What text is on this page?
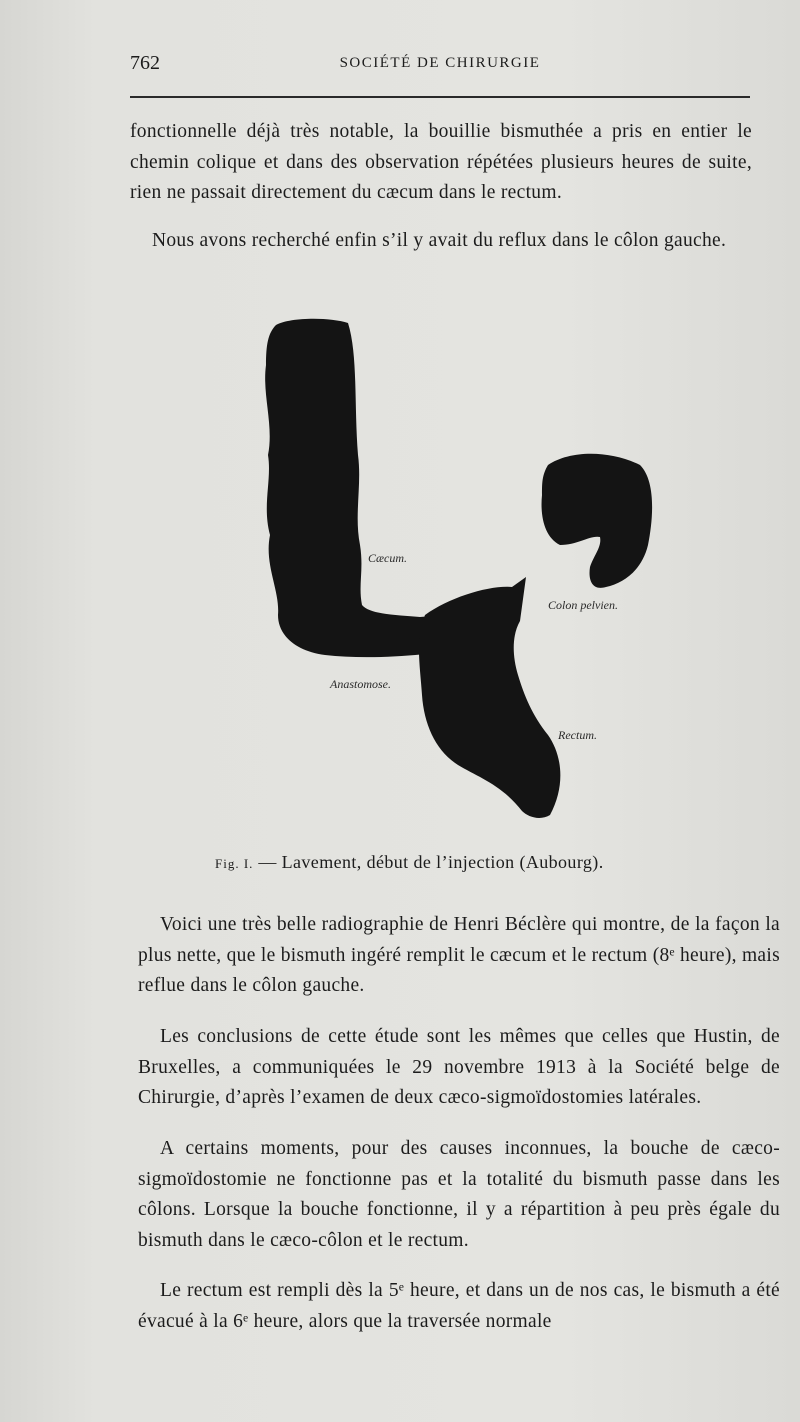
762	SOCIÉTÉ DE CHIRURGIE

fonctionnelle déjà très notable, la bouillie bismuthée a pris en entier le chemin colique et dans des observation répétées plusieurs heures de suite, rien ne passait directement du cæcum dans le rectum.

Nous avons recherché enfin s’il y avait du reflux dans le côlon gauche.

Cæcum.
Colon pelvien.
Anastomose.
Rectum.
Fig. I. — Lavement, début de l’injection (Aubourg).

Voici une très belle radiographie de Henri Béclère qui montre, de la façon la plus nette, que le bismuth ingéré remplit le cæcum et le rectum (8ᵉ heure), mais reflue dans le côlon gauche.

Les conclusions de cette étude sont les mêmes que celles que Hustin, de Bruxelles, a communiquées le 29 novembre 1913 à la Société belge de Chirurgie, d’après l’examen de deux cæco-sigmoïdostomies latérales.

A certains moments, pour des causes inconnues, la bouche de cæco-sigmoïdostomie ne fonctionne pas et la totalité du bismuth passe dans les côlons. Lorsque la bouche fonctionne, il y a répartition à peu près égale du bismuth dans le cæco-côlon et le rectum.

Le rectum est rempli dès la 5ᵉ heure, et dans un de nos cas, le bismuth a été évacué à la 6ᵉ heure, alors que la traversée normale
